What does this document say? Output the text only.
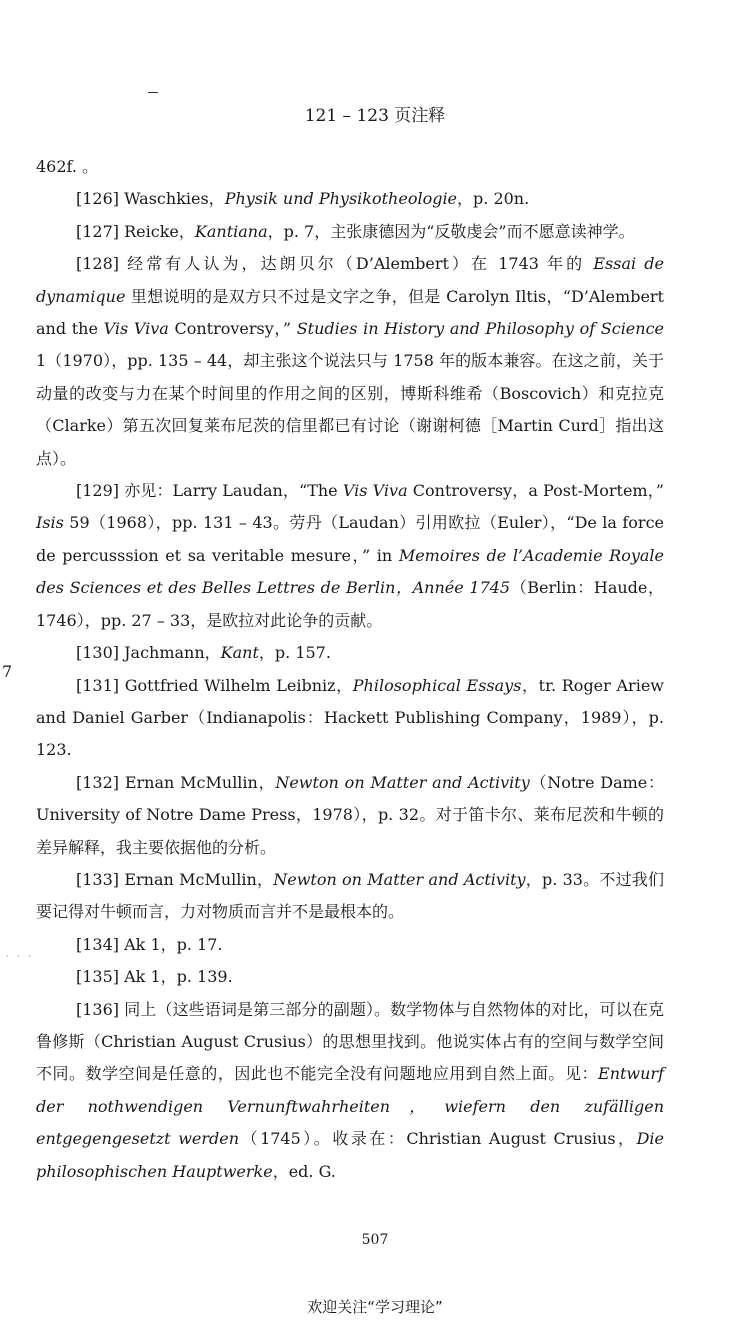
121 – 123 页注释
7
· · ·

462f. 。

[126] Waschkies，Physik und Physikotheologie，p. 20n.

[127] Reicke，Kantiana，p. 7，主张康德因为“反敬虔会”而不愿意读神学。

[128] 经常有人认为，达朗贝尔（D’Alembert）在 1743 年的 Essai de dynamique 里想说明的是双方只不过是文字之争，但是 Carolyn Iltis，“D’Alembert and the Vis Viva Controversy，” Studies in History and Philosophy of Science 1（1970），pp. 135 – 44，却主张这个说法只与 1758 年的版本兼容。在这之前，关于动量的改变与力在某个时间里的作用之间的区别，博斯科维希（Boscovich）和克拉克（Clarke）第五次回复莱布尼茨的信里都已有讨论（谢谢柯德［Martin Curd］指出这点）。

[129] 亦见：Larry Laudan，“The Vis Viva Controversy，a Post-Mortem，” Isis 59（1968），pp. 131 – 43。劳丹（Laudan）引用欧拉（Euler），“De la force de percusssion et sa veritable mesure，” in Memoires de l’Academie Royale des Sciences et des Belles Lettres de Berlin，Année 1745（Berlin：Haude，1746），pp. 27 – 33，是欧拉对此论争的贡献。

[130] Jachmann，Kant，p. 157.

[131] Gottfried Wilhelm Leibniz，Philosophical Essays，tr. Roger Ariew and Daniel Garber（Indianapolis：Hackett Publishing Company，1989），p. 123.

[132] Ernan McMullin，Newton on Matter and Activity（Notre Dame：University of Notre Dame Press，1978），p. 32。对于笛卡尔、莱布尼茨和牛顿的差异解释，我主要依据他的分析。

[133] Ernan McMullin，Newton on Matter and Activity，p. 33。不过我们要记得对牛顿而言，力对物质而言并不是最根本的。

[134] Ak 1，p. 17.

[135] Ak 1，p. 139.

[136] 同上（这些语词是第三部分的副题）。数学物体与自然物体的对比，可以在克鲁修斯（Christian August Crusius）的思想里找到。他说实体占有的空间与数学空间不同。数学空间是任意的，因此也不能完全没有问题地应用到自然上面。见：Entwurf der nothwendigen Vernunftwahrheiten，wiefern den zufälligen entgegengesetzt werden（1745）。收录在：Christian August Crusius，Die philosophischen Hauptwerke，ed. G.

507
欢迎关注“学习理论”
